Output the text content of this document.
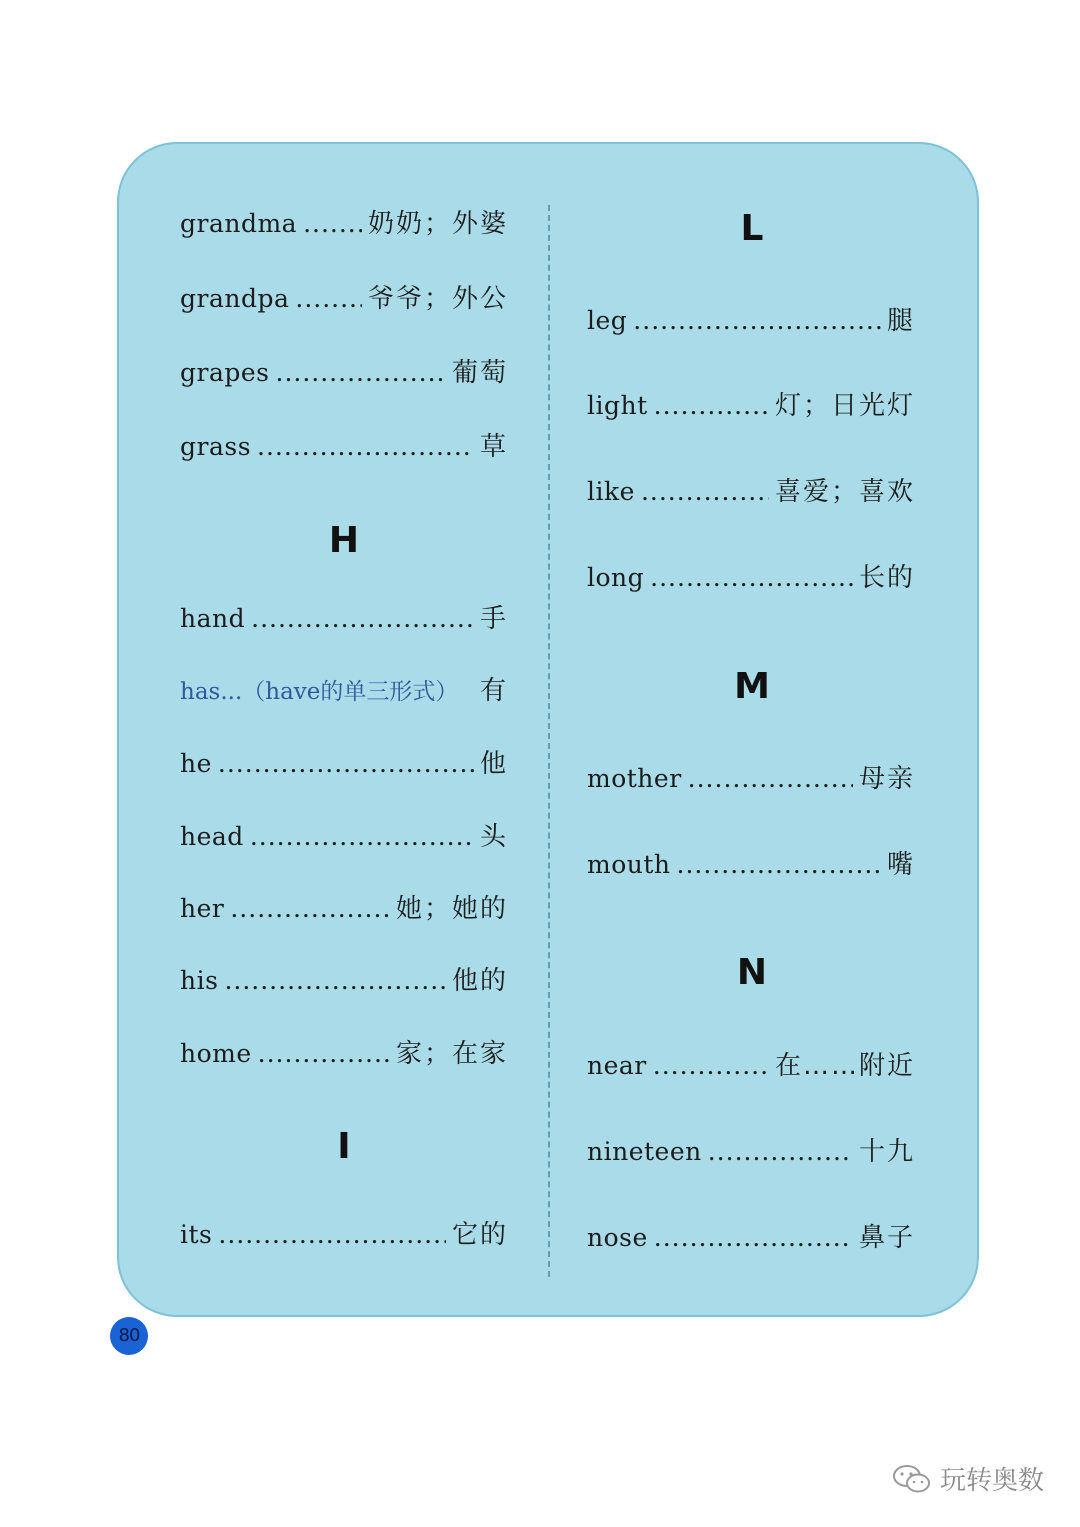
grandma .....	奶奶；外婆
grandpa .....	爷爷；外公
grapes .....	葡萄
grass .....	草
H
hand .....	手
has...（have的单三形式） 有
he .....	他
head .....	头
her .....	她；她的
his .....	他的
home .....	家；在家
I
its .....	它的
L
leg .....	腿
light .....	灯；日光灯
like .....	喜爱；喜欢
long .....	长的
M
mother .....	母亲
mouth .....	嘴
N
near .....	在……附近
nineteen .....	十九
nose .....	鼻子
80
玩转奥数
